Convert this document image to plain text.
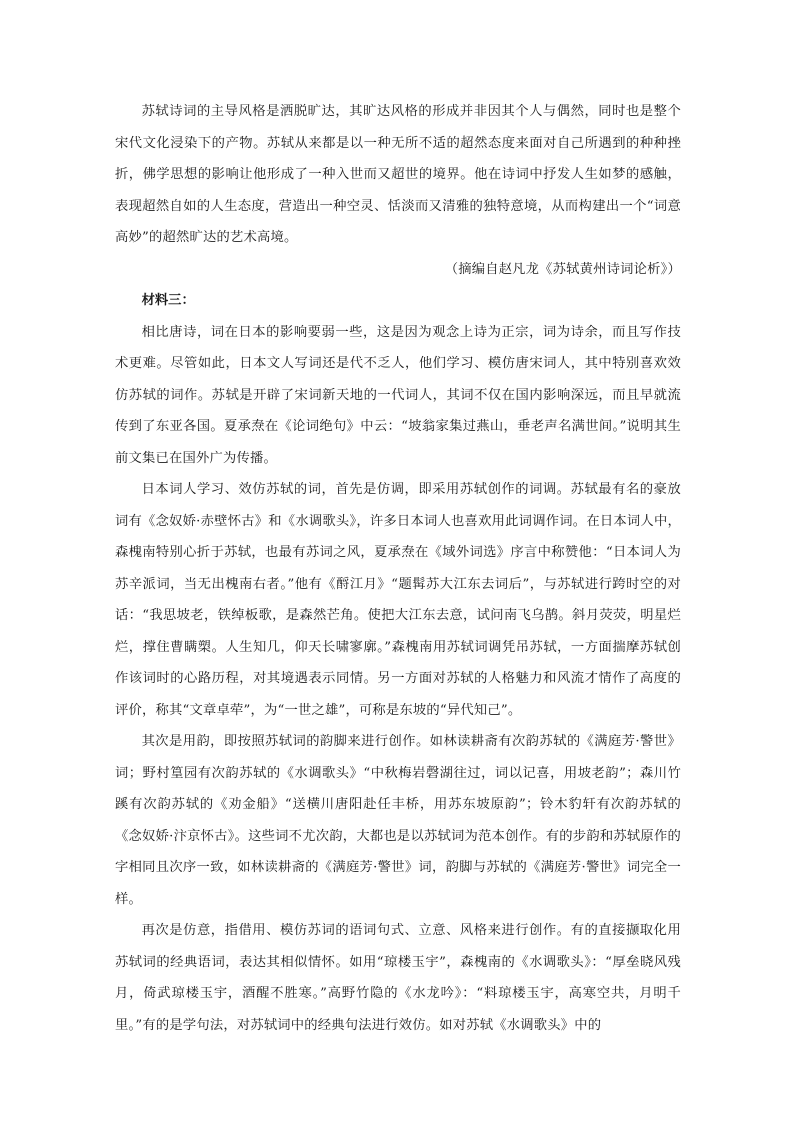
苏轼诗词的主导风格是洒脱旷达，其旷达风格的形成并非因其个人与偶然，同时也是整个宋代文化浸染下的产物。苏轼从来都是以一种无所不适的超然态度来面对自己所遇到的种种挫折，佛学思想的影响让他形成了一种入世而又超世的境界。他在诗词中抒发人生如梦的感触，表现超然自如的人生态度，营造出一种空灵、恬淡而又清雅的独特意境，从而构建出一个“词意高妙”的超然旷达的艺术高境。

（摘编自赵凡龙《苏轼黄州诗词论析》）

材料三：

相比唐诗，词在日本的影响要弱一些，这是因为观念上诗为正宗，词为诗余，而且写作技术更难。尽管如此，日本文人写词还是代不乏人，他们学习、模仿唐宋词人，其中特别喜欢效仿苏轼的词作。苏轼是开辟了宋词新天地的一代词人，其词不仅在国内影响深远，而且早就流传到了东亚各国。夏承焘在《论词绝句》中云：“坡翁家集过燕山，垂老声名满世间。”说明其生前文集已在国外广为传播。

日本词人学习、效仿苏轼的词，首先是仿调，即采用苏轼创作的词调。苏轼最有名的豪放词有《念奴娇·赤壁怀古》和《水调歌头》，许多日本词人也喜欢用此词调作词。在日本词人中，森槐南特别心折于苏轼，也最有苏词之风，夏承焘在《域外词选》序言中称赞他：“日本词人为苏辛派词，当无出槐南右者。”他有《酹江月》“题髯苏大江东去词后”，与苏轼进行跨时空的对话：“我思坡老，铁绰板歌，是森然芒角。使把大江东去意，试问南飞乌鹊。斜月荧荧，明星烂烂，撑住曹瞒槊。人生知几，仰天长啸寥廓。”森槐南用苏轼词调凭吊苏轼，一方面揣摩苏轼创作该词时的心路历程，对其境遇表示同情。另一方面对苏轼的人格魅力和风流才情作了高度的评价，称其“文章卓荦”，为“一世之雄”，可称是东坡的“异代知己”。

其次是用韵，即按照苏轼词的韵脚来进行创作。如林读耕斋有次韵苏轼的《满庭芳·警世》词；野村篁园有次韵苏轼的《水调歌头》“中秋梅岩磬湖往过，词以记喜，用坡老韵”；森川竹蹊有次韵苏轼的《劝金船》“送横川唐阳赴任丰桥，用苏东坡原韵”；铃木豹轩有次韵苏轼的《念奴娇·汴京怀古》。这些词不尤次韵，大都也是以苏轼词为范本创作。有的步韵和苏轼原作的字相同且次序一致，如林读耕斋的《满庭芳·警世》词，韵脚与苏轼的《满庭芳·警世》词完全一样。

再次是仿意，指借用、模仿苏词的语词句式、立意、风格来进行创作。有的直接撷取化用苏轼词的经典语词，表达其相似情怀。如用“琼楼玉宇”，森槐南的《水调歌头》：“厚垒晓风残月，倚武琼楼玉宇，酒醒不胜寒。”高野竹隐的《水龙吟》：“料琼楼玉宇，高寒空共，月明千里。”有的是学句法，对苏轼词中的经典句法进行效仿。如对苏轼《水调歌头》中的
